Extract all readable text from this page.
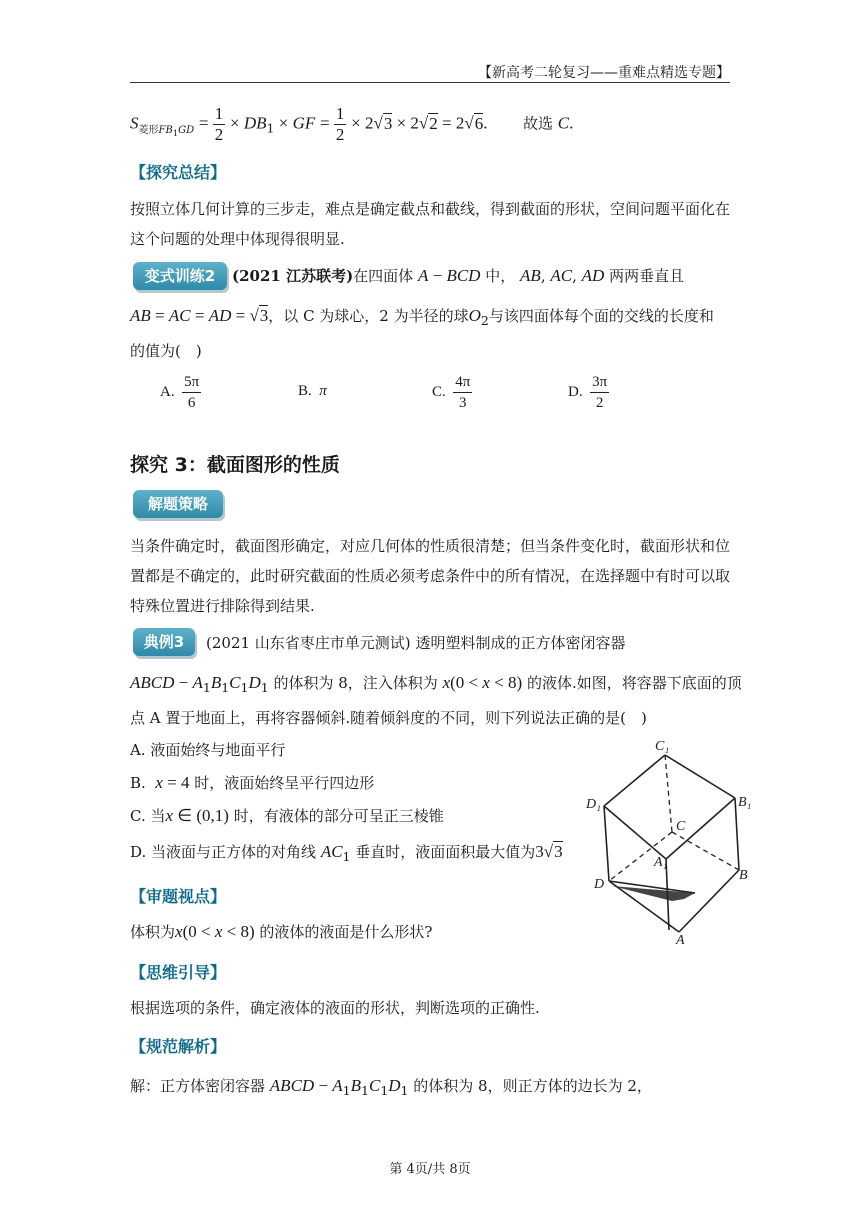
【新高考二轮复习——重难点精选专题】
$S_{菱形FB_1GD} = \frac{1}{2} \times DB_1$ × GF = $\frac{1}{2} \times 2√3 \times 2√2 = 2√6$. 故选 C.
【探究总结】
按照立体几何计算的三步走，难点是确定截点和截线，得到截面的形状，空间问题平面化在
这个问题的处理中体现得很明显.
变式训练2	(2021 江苏联考)在四面体 A − BCD 中， AB, AC, AD 两两垂直且
AB = AC = AD = √3，以 C 为球心，2 为半径的球$O_2$与该四面体每个面的交线的长度和
的值为(　)
A. $\frac{5\pi}{6}$	B. π	C. $\frac{4\pi}{3}$	D. $\frac{3\pi}{2}$
探究 3：截面图形的性质
解题策略
当条件确定时，截面图形确定，对应几何体的性质很清楚；但当条件变化时，截面形状和位
置都是不确定的，此时研究截面的性质必须考虑条件中的所有情况，在选择题中有时可以取
特殊位置进行排除得到结果.
典例3	(2021 山东省枣庄市单元测试) 透明塑料制成的正方体密闭容器
ABCD − $A_1B_1C_1D_1$ 的体积为 8，注入体积为 x(0 < x < 8) 的液体.如图，将容器下底面的顶
点 A 置于地面上，再将容器倾斜.随着倾斜度的不同，则下列说法正确的是(　)
A. 液面始终与地面平行
B. x = 4 时，液面始终呈平行四边形
C. 当x ∈ (0,1) 时，有液体的部分可呈正三棱锥
D. 当液面与正方体的对角线 $AC_1$ 垂直时，液面面积最大值为3√3
C₁
D₁	B₁
C
A₁
D
B
A
【审题视点】
体积为x(0 < x < 8) 的液体的液面是什么形状?
【思维引导】
根据选项的条件，确定液体的液面的形状，判断选项的正确性.
【规范解析】
解：正方体密闭容器 ABCD − $A_1B_1C_1D_1$ 的体积为 8，则正方体的边长为 2，
第 4页/共 8页
